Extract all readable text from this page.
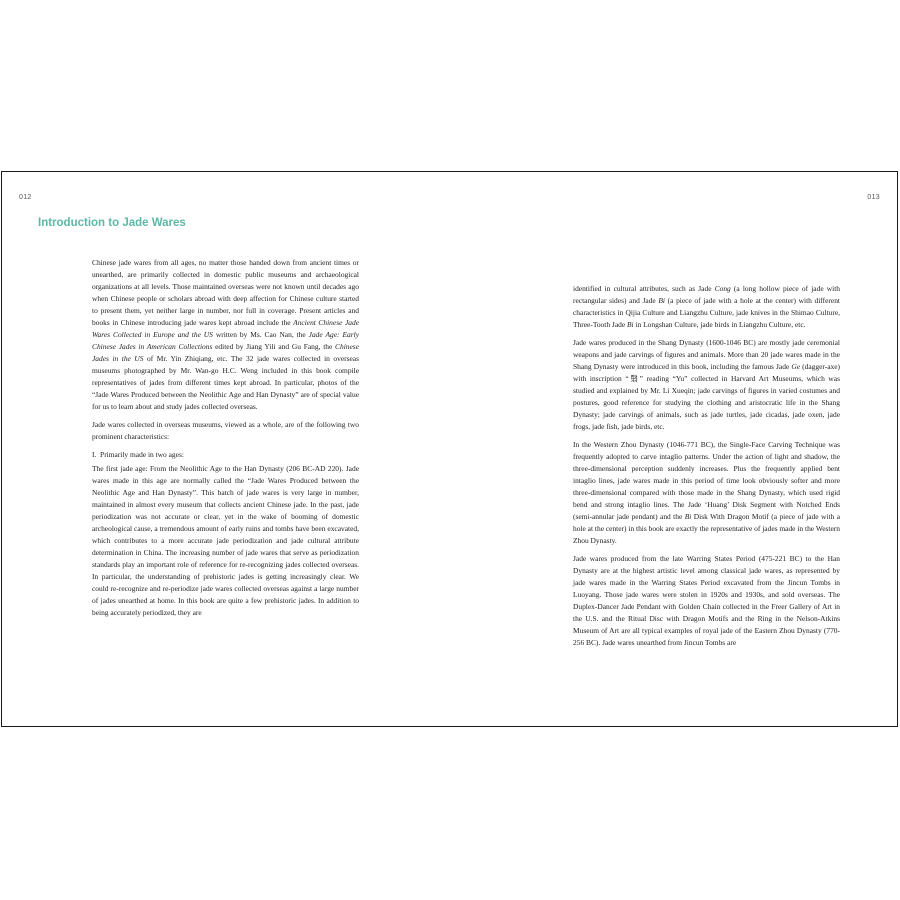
012	013
Introduction to Jade Wares

Chinese jade wares from all ages, no matter those handed down from ancient times or unearthed, are primarily collected in domestic public museums and archaeological organizations at all levels. Those maintained overseas were not known until decades ago when Chinese people or scholars abroad with deep affection for Chinese culture started to present them, yet neither large in number, nor full in coverage. Present articles and books in Chinese introducing jade wares kept abroad include the Ancient Chinese Jade Wares Collected in Europe and the US written by Ms. Cao Nan, the Jade Age: Early Chinese Jades in American Collections edited by Jiang Yili and Gu Fang, the Chinese Jades in the US of Mr. Yin Zhiqiang, etc. The 32 jade wares collected in overseas museums photographed by Mr. Wan-go H.C. Weng included in this book compile representatives of jades from different times kept abroad. In particular, photos of the “Jade Wares Produced between the Neolithic Age and Han Dynasty” are of special value for us to learn about and study jades collected overseas.

Jade wares collected in overseas museums, viewed as a whole, are of the following two prominent characteristics:

I.  Primarily made in two ages:

The first jade age: From the Neolithic Age to the Han Dynasty (206 BC-AD 220). Jade wares made in this age are normally called the “Jade Wares Produced between the Neolithic Age and Han Dynasty”. This batch of jade wares is very large in number, maintained in almost every museum that collects ancient Chinese jade. In the past, jade periodization was not accurate or clear, yet in the wake of booming of domestic archeological cause, a tremendous amount of early ruins and tombs have been excavated, which contributes to a more accurate jade periodization and jade cultural attribute determination in China. The increasing number of jade wares that serve as periodization standards play an important role of reference for re-recognizing jades collected overseas. In particular, the understanding of prehistoric jades is getting increasingly clear. We could re-recognize and re-periodize jade wares collected overseas against a large number of jades unearthed at home. In this book are quite a few prehistoric jades. In addition to being accurately periodized, they are

identified in cultural attributes, such as Jade Cong (a long hollow piece of jade with rectangular sides) and Jade Bi (a piece of jade with a hole at the center) with different characteristics in Qijia Culture and Liangzhu Culture, jade knives in the Shimao Culture, Three-Tooth Jade Bi in Longshan Culture, jade birds in Liangzhu Culture, etc.

Jade wares produced in the Shang Dynasty (1600-1046 BC) are mostly jade ceremonial weapons and jade carvings of figures and animals. More than 20 jade wares made in the Shang Dynasty were introduced in this book, including the famous Jade Ge (dagger-axe) with inscription “翳” reading “Yu” collected in Harvard Art Museums, which was studied and explained by Mr. Li Xueqin; jade carvings of figures in varied costumes and postures, good reference for studying the clothing and aristocratic life in the Shang Dynasty; jade carvings of animals, such as jade turtles, jade cicadas, jade oxen, jade frogs, jade fish, jade birds, etc.

In the Western Zhou Dynasty (1046-771 BC), the Single-Face Carving Technique was frequently adopted to carve intaglio patterns. Under the action of light and shadow, the three-dimensional perception suddenly increases. Plus the frequently applied bent intaglio lines, jade wares made in this period of time look obviously softer and more three-dimensional compared with those made in the Shang Dynasty, which used rigid bend and strong intaglio lines. The Jade ‘Huang’ Disk Segment with Notched Ends (semi-annular jade pendant) and the Bi Disk With Dragon Motif (a piece of jade with a hole at the center) in this book are exactly the representative of jades made in the Western Zhou Dynasty.

Jade wares produced from the late Warring States Period (475-221 BC) to the Han Dynasty are at the highest artistic level among classical jade wares, as represented by jade wares made in the Warring States Period excavated from the Jincun Tombs in Luoyang. Those jade wares were stolen in 1920s and 1930s, and sold overseas. The Duplex-Dancer Jade Pendant with Golden Chain collected in the Freer Gallery of Art in the U.S. and the Ritual Disc with Dragon Motifs and the Ring in the Nelson-Atkins Museum of Art are all typical examples of royal jade of the Eastern Zhou Dynasty (770-256 BC). Jade wares unearthed from Jincun Tombs are
